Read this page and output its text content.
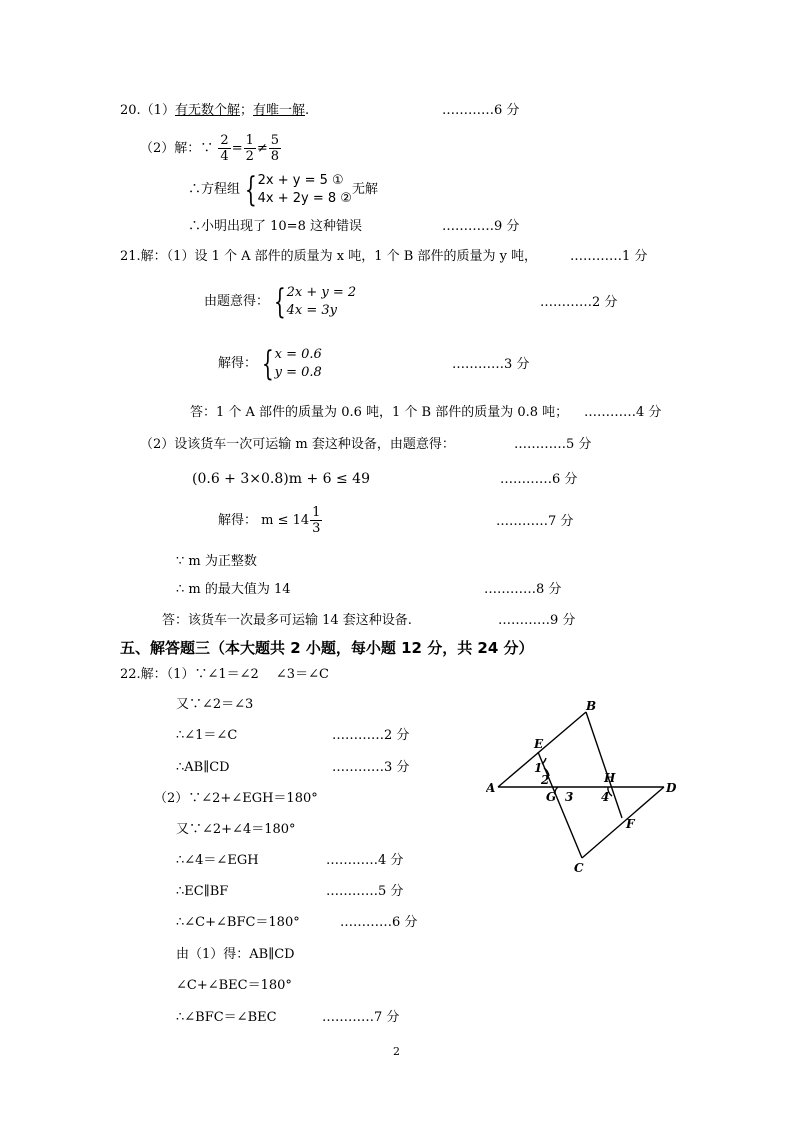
20.（1）有无数个解；有唯一解.	…………6 分
（2）解：∵ $\frac{2}{4} = \frac{1}{2} \ne \frac{5}{8}$
∴方程组 { 2x + y = 5 ①
4x + 2y = 8 ②
无解
∴小明出现了 10=8 这种错误	…………9 分
21.解：（1）设 1 个 A 部件的质量为 x 吨，1 个 B 部件的质量为 y 吨，	…………1 分
由题意得： { 2x + y = 2
4x = 3y	…………2 分
解得： { x = 0.6
y = 0.8	…………3 分
答：1 个 A 部件的质量为 0.6 吨，1 个 B 部件的质量为 0.8 吨； …………4 分
（2）设该货车一次可运输 m 套这种设备，由题意得：	…………5 分
(0.6 + 3×0.8)m + 6 ≤ 49	…………6 分
解得： $m \le 14 \frac{1}{3}$	…………7 分
∵ m 为正整数
∴ m 的最大值为 14	…………8 分
答：该货车一次最多可运输 14 套这种设备.	…………9 分
五、解答题三（本大题共 2 小题，每小题 12 分，共 24 分）
22.解：（1）∵∠1＝∠2　 ∠3＝∠C
又∵∠2＝∠3
∴∠1＝∠C	…………2 分
∴AB∥CD	…………3 分
（2）∵∠2+∠EGH＝180°
又∵∠2+∠4＝180°
∴∠4＝∠EGH	…………4 分
∴EC∥BF	…………5 分
∴∠C+∠BFC＝180°	…………6 分
由（1）得：AB∥CD
∠C+∠BEC＝180°
∴∠BFC＝∠BEC	…………7 分
A
B
C
D
E
F
G
H
1
2
3 4
2
